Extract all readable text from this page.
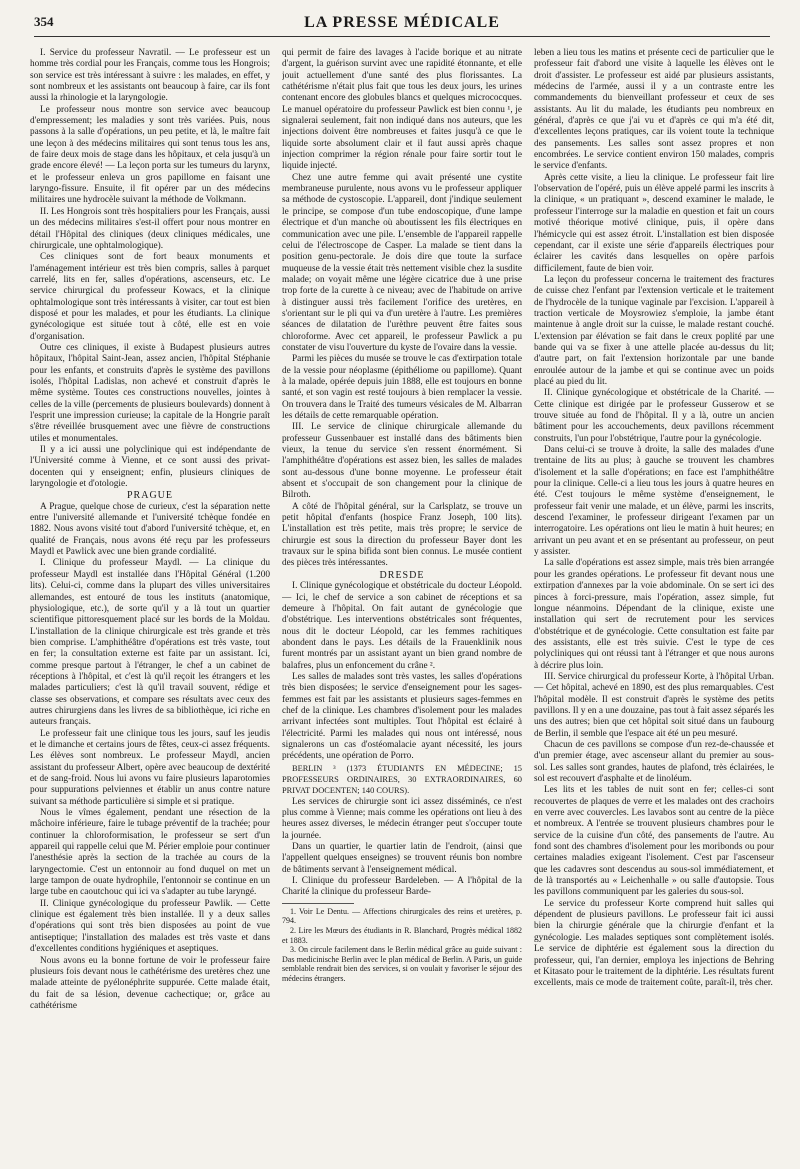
354	LA PRESSE MÉDICALE

I. Service du professeur Navratil. — Le professeur est un homme très cordial pour les Français, comme tous les Hongrois; son service est très intéressant à suivre : les malades, en effet, y sont nombreux et les assistants ont beaucoup à faire, car ils font aussi la rhinologie et la laryngologie.

Le professeur nous montre son service avec beaucoup d'empressement; les maladies y sont très variées. Puis, nous passons à la salle d'opérations, un peu petite, et là, le maître fait une leçon à des médecins militaires qui sont tenus tous les ans, de faire deux mois de stage dans les hôpitaux, et cela jusqu'à un grade encore élevé! — La leçon porta sur les tumeurs du larynx, et le professeur enleva un gros papillome en faisant une laryngo-fissure. Ensuite, il fit opérer par un des médecins militaires une hydrocèle suivant la méthode de Volkmann.

II. Les Hongrois sont très hospitaliers pour les Français, aussi un des médecins militaires s'est-il offert pour nous montrer en détail l'Hôpital des cliniques (deux cliniques médicales, une chirurgicale, une ophtalmologique).

Ces cliniques sont de fort beaux monuments et l'aménagement intérieur est très bien compris, salles à parquet carrelé, lits en fer, salles d'opérations, ascenseurs, etc. Le service chirurgical du professeur Kowacs, et la clinique ophtalmologique sont très intéressants à visiter, car tout est bien disposé et pour les malades, et pour les étudiants. La clinique gynécologique est située tout à côté, elle est en voie d'organisation.

Outre ces cliniques, il existe à Budapest plusieurs autres hôpitaux, l'hôpital Saint-Jean, assez ancien, l'hôpital Stéphanie pour les enfants, et construits d'après le système des pavillons isolés, l'hôpital Ladislas, non achevé et construit d'après le même système. Toutes ces constructions nouvelles, jointes à celles de la ville (percements de plusieurs boulevards) donnent à l'esprit une impression curieuse; la capitale de la Hongrie paraît s'être réveillée brusquement avec une fièvre de constructions utiles et monumentales.

Il y a ici aussi une polyclinique qui est indépendante de l'Université comme à Vienne, et ce sont aussi des privat-docenten qui y enseignent; enfin, plusieurs cliniques de laryngologie et d'otologie.

PRAGUE

A Prague, quelque chose de curieux, c'est la séparation nette entre l'université allemande et l'université tchèque fondée en 1882. Nous avons visité tout d'abord l'université tchèque, et, en qualité de Français, nous avons été reçu par les professeurs Maydl et Pawlick avec une bien grande cordialité.

I. Clinique du professeur Maydl. — La clinique du professeur Maydl est installée dans l'Hôpital Général (1.200 lits). Celui-ci, comme dans la plupart des villes universitaires allemandes, est entouré de tous les instituts (anatomique, physiologique, etc.), de sorte qu'il y a là tout un quartier scientifique pittoresquement placé sur les bords de la Moldau. L'installation de la clinique chirurgicale est très grande et très bien comprise. L'amphithéâtre d'opérations est très vaste, tout en fer; la consultation externe est faite par un assistant. Ici, comme presque partout à l'étranger, le chef a un cabinet de réceptions à l'hôpital, et c'est là qu'il reçoit les étrangers et les malades particuliers; c'est là qu'il travail souvent, rédige et classe ses observations, et compare ses résultats avec ceux des autres chirurgiens dans les livres de sa bibliothèque, ici riche en auteurs français.

Le professeur fait une clinique tous les jours, sauf les jeudis et le dimanche et certains jours de fêtes, ceux-ci assez fréquents. Les élèves sont nombreux. Le professeur Maydl, ancien assistant du professeur Albert, opère avec beaucoup de dextérité et de sang-froid. Nous lui avons vu faire plusieurs laparotomies pour suppurations pelviennes et établir un anus contre nature suivant sa méthode particulière si simple et si pratique.

Nous le vîmes également, pendant une résection de la mâchoire inférieure, faire le tubage préventif de la trachée; pour continuer la chloroformisation, le professeur se sert d'un appareil qui rappelle celui que M. Périer emploie pour continuer l'anesthésie après la section de la trachée au cours de la laryngectomie. C'est un entonnoir au fond duquel on met un large tampon de ouate hydrophile, l'entonnoir se continue en un large tube en caoutchouc qui ici va s'adapter au tube laryngé.

II. Clinique gynécologique du professeur Pawlik. — Cette clinique est également très bien installée. Il y a deux salles d'opérations qui sont très bien disposées au point de vue antiseptique; l'installation des malades est très vaste et dans d'excellentes conditions hygiéniques et aseptiques.

Nous avons eu la bonne fortune de voir le professeur faire plusieurs fois devant nous le cathétérisme des uretères chez une malade atteinte de pyélonéphrite suppurée. Cette malade était, du fait de sa lésion, devenue cachectique; or, grâce au cathétérisme

qui permit de faire des lavages à l'acide borique et au nitrate d'argent, la guérison survint avec une rapidité étonnante, et elle jouit actuellement d'une santé des plus florissantes. La cathétérisme n'était plus fait que tous les deux jours, les urines contenant encore des globules blancs et quelques micrococques. Le manuel opératoire du professeur Pawlick est bien connu ¹, je signalerai seulement, fait non indiqué dans nos auteurs, que les injections doivent être nombreuses et faites jusqu'à ce que le liquide sorte absolument clair et il faut aussi après chaque injection comprimer la région rénale pour faire sortir tout le liquide injecté.

Chez une autre femme qui avait présenté une cystite membraneuse purulente, nous avons vu le professeur appliquer sa méthode de cystoscopie. L'appareil, dont j'indique seulement le principe, se compose d'un tube endoscopique, d'une lampe électrique et d'un manche où aboutissent les fils électriques en communication avec une pile. L'ensemble de l'appareil rappelle celui de l'électroscope de Casper. La malade se tient dans la position genu-pectorale. Je dois dire que toute la surface muqueuse de la vessie était très nettement visible chez la susdite malade; on voyait même une légère cicatrice due à une prise trop forte de la curette à ce niveau; avec de l'habitude on arrive à distinguer aussi très facilement l'orifice des uretères, en s'orientant sur le pli qui va d'un uretère à l'autre. Les premières séances de dilatation de l'urèthre peuvent être faites sous chloroforme. Avec cet appareil, le professeur Pawlick a pu constater de visu l'ouverture du kyste de l'ovaire dans la vessie.

Parmi les pièces du musée se trouve le cas d'extirpation totale de la vessie pour néoplasme (épithéliome ou papillome). Quant à la malade, opérée depuis juin 1888, elle est toujours en bonne santé, et son vagin est resté toujours à bien remplacer la vessie. On trouvera dans le Traité des tumeurs vésicales de M. Albarran les détails de cette remarquable opération.

III. Le service de clinique chirurgicale allemande du professeur Gussenbauer est installé dans des bâtiments bien vieux, la tenue du service s'en ressent énormément. Si l'amphithéâtre d'opérations est assez bien, les salles de malades sont au-dessous d'une bonne moyenne. Le professeur était absent et s'occupait de son changement pour la clinique de Bilroth.

A côté de l'hôpital général, sur la Carlsplatz, se trouve un petit hôpital d'enfants (hospice Franz Joseph, 100 lits). L'installation est très petite, mais très propre; le service de chirurgie est sous la direction du professeur Bayer dont les travaux sur le spina bifida sont bien connus. Le musée contient des pièces très intéressantes.

DRESDE

I. Clinique gynécologique et obstétricale du docteur Léopold. — Ici, le chef de service a son cabinet de réceptions et sa demeure à l'hôpital. On fait autant de gynécologie que d'obstétrique. Les interventions obstétricales sont fréquentes, nous dit le docteur Léopold, car les femmes rachitiques abondent dans le pays. Les détails de la Frauenklinik nous furent montrés par un assistant ayant un bien grand nombre de balafres, plus un enfoncement du crâne ².

Les salles de malades sont très vastes, les salles d'opérations très bien disposées; le service d'enseignement pour les sages-femmes est fait par les assistants et plusieurs sages-femmes en chef de la clinique. Les chambres d'isolement pour les malades arrivant infectées sont multiples. Tout l'hôpital est éclairé à l'électricité. Parmi les malades qui nous ont intéressé, nous signalerons un cas d'ostéomalacie ayant nécessité, les jours précédents, une opération de Porro.

BERLIN ³ (1373 ÉTUDIANTS EN MÉDECINE; 15 PROFESSEURS ORDINAIRES, 30 EXTRAORDINAIRES, 60 PRIVAT DOCENTEN; 140 COURS).

Les services de chirurgie sont ici assez disséminés, ce n'est plus comme à Vienne; mais comme les opérations ont lieu à des heures assez diverses, le médecin étranger peut s'occuper toute la journée.

Dans un quartier, le quartier latin de l'endroit, (ainsi que l'appellent quelques enseignes) se trouvent réunis bon nombre de bâtiments servant à l'enseignement médical.

I. Clinique du professeur Bardeleben. — A l'hôpital de la Charité la clinique du professeur Barde-

1. Voir Le Dentu. — Affections chirurgicales des reins et uretères, p. 794.

2. Lire les Mœurs des étudiants in R. Blanchard, Progrès médical 1882 et 1883.

3. On circule facilement dans le Berlin médical grâce au guide suivant : Das medicinische Berlin avec le plan médical de Berlin. A Paris, un guide semblable rendrait bien des services, si on voulait y favoriser le séjour des médecins étrangers.

leben a lieu tous les matins et présente ceci de particulier que le professeur fait d'abord une visite à laquelle les élèves ont le droit d'assister. Le professeur est aidé par plusieurs assistants, médecins de l'armée, aussi il y a un contraste entre les commandements du bienveillant professeur et ceux de ses assistants. Au lit du malade, les étudiants peu nombreux en général, d'après ce que j'ai vu et d'après ce qui m'a été dit, d'excellentes leçons pratiques, car ils voient toute la technique des pansements. Les salles sont assez propres et non encombrées. Le service contient environ 150 malades, compris le service d'enfants.

Après cette visite, a lieu la clinique. Le professeur fait lire l'observation de l'opéré, puis un élève appelé parmi les inscrits à la clinique, « un pratiquant », descend examiner le malade, le professeur l'interroge sur la maladie en question et fait un cours motivé théorique motivé clinique, puis, il opère dans l'hémicycle qui est assez étroit. L'installation est bien disposée cependant, car il existe une série d'appareils électriques pour éclairer les cavités dans lesquelles on opère parfois difficilement, faute de bien voir.

La leçon du professeur concerna le traitement des fractures de cuisse chez l'enfant par l'extension verticale et le traitement de l'hydrocèle de la tunique vaginale par l'excision. L'appareil à traction verticale de Moysrowiez s'emploie, la jambe étant maintenue à angle droit sur la cuisse, le malade restant couché. L'extension par élévation se fait dans le creux poplité par une bande qui va se fixer à une attelle placée au-dessus du lit; d'autre part, on fait l'extension horizontale par une bande enroulée autour de la jambe et qui se continue avec un poids placé au pied du lit.

II. Clinique gynécologique et obstétricale de la Charité. — Cette clinique est dirigée par le professeur Gusserow et se trouve située au fond de l'hôpital. Il y a là, outre un ancien bâtiment pour les accouchements, deux pavillons récemment construits, l'un pour l'obstétrique, l'autre pour la gynécologie.

Dans celui-ci se trouve à droite, la salle des malades d'une trentaine de lits au plus; à gauche se trouvent les chambres d'isolement et la salle d'opérations; en face est l'amphithéâtre pour la clinique. Celle-ci a lieu tous les jours à quatre heures en été. C'est toujours le même système d'enseignement, le professeur fait venir une malade, et un élève, parmi les inscrits, descend l'examiner, le professeur dirigeant l'examen par un interrogatoire. Les opérations ont lieu le matin à huit heures; en arrivant un peu avant et en se présentant au professeur, on peut y assister.

La salle d'opérations est assez simple, mais très bien arrangée pour les grandes opérations. Le professeur fit devant nous une extirpation d'annexes par la voie abdominale. On se sert ici des pinces à forci-pressure, mais l'opération, assez simple, fut longue néanmoins. Dépendant de la clinique, existe une installation qui sert de recrutement pour les services d'obstétrique et de gynécologie. Cette consultation est faite par des assistants, elle est très suivie. C'est le type de ces polycliniques qui ont réussi tant à l'étranger et que nous aurons à décrire plus loin.

III. Service chirurgical du professeur Korte, à l'hôpital Urban. — Cet hôpital, achevé en 1890, est des plus remarquables. C'est l'hôpital modèle. Il est construit d'après le système des petits pavillons. Il y en a une douzaine, pas tout à fait assez séparés les uns des autres; bien que cet hôpital soit situé dans un faubourg de Berlin, il semble que l'espace ait été un peu mesuré.

Chacun de ces pavillons se compose d'un rez-de-chaussée et d'un premier étage, avec ascenseur allant du premier au sous-sol. Les salles sont grandes, hautes de plafond, très éclairées, le sol est recouvert d'asphalte et de linoléum.

Les lits et les tables de nuit sont en fer; celles-ci sont recouvertes de plaques de verre et les malades ont des crachoirs en verre avec couvercles. Les lavabos sont au centre de la pièce et nombreux. A l'entrée se trouvent plusieurs chambres pour le service de la cuisine d'un côté, des pansements de l'autre. Au fond sont des chambres d'isolement pour les moribonds ou pour certaines maladies exigeant l'isolement. C'est par l'ascenseur que les cadavres sont descendus au sous-sol immédiatement, et de là transportés au « Leichenhalle » ou salle d'autopsie. Tous les pavillons communiquent par les galeries du sous-sol.

Le service du professeur Korte comprend huit salles qui dépendent de plusieurs pavillons. Le professeur fait ici aussi bien la chirurgie générale que la chirurgie d'enfant et la gynécologie. Les malades septiques sont complètement isolés. Le service de diphtérie est également sous la direction du professeur, qui, l'an dernier, employa les injections de Behring et Kitasato pour le traitement de la diphtérie. Les résultats furent excellents, mais ce mode de traitement coûte, paraît-il, très cher.
